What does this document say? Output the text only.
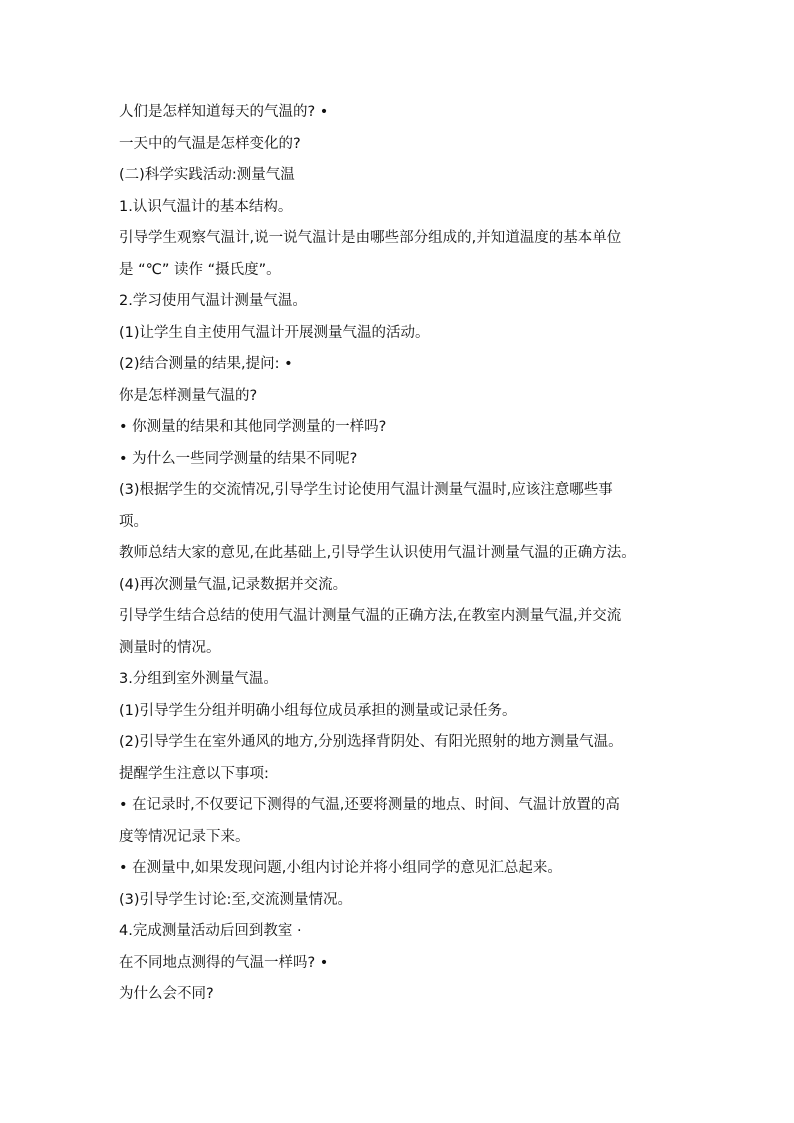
人们是怎样知道每天的气温的? •
一天中的气温是怎样变化的?
(二)科学实践活动:测量气温
1.认识气温计的基本结构。
引导学生观察气温计,说一说气温计是由哪些部分组成的,并知道温度的基本单位
是 “℃” 读作 “摄氏度”。
2.学习使用气温计测量气温。
(1)让学生自主使用气温计开展测量气温的活动。
(2)结合测量的结果,提问: •
你是怎样测量气温的?
• 你测量的结果和其他同学测量的一样吗?
• 为什么一些同学测量的结果不同呢?
(3)根据学生的交流情况,引导学生讨论使用气温计测量气温时,应该注意哪些事
项。
教师总结大家的意见,在此基础上,引导学生认识使用气温计测量气温的正确方法。
(4)再次测量气温,记录数据并交流。
引导学生结合总结的使用气温计测量气温的正确方法,在教室内测量气温,并交流
测量时的情况。
3.分组到室外测量气温。
(1)引导学生分组并明确小组每位成员承担的测量或记录任务。
(2)引导学生在室外通风的地方,分别选择背阴处、有阳光照射的地方测量气温。
提醒学生注意以下事项:
• 在记录时,不仅要记下测得的气温,还要将测量的地点、时间、气温计放置的高
度等情况记录下来。
• 在测量中,如果发现问题,小组内讨论并将小组同学的意见汇总起来。
(3)引导学生讨论:至,交流测量情况。
4.完成测量活动后回到教室 ·
在不同地点测得的气温一样吗? •
为什么会不同?
